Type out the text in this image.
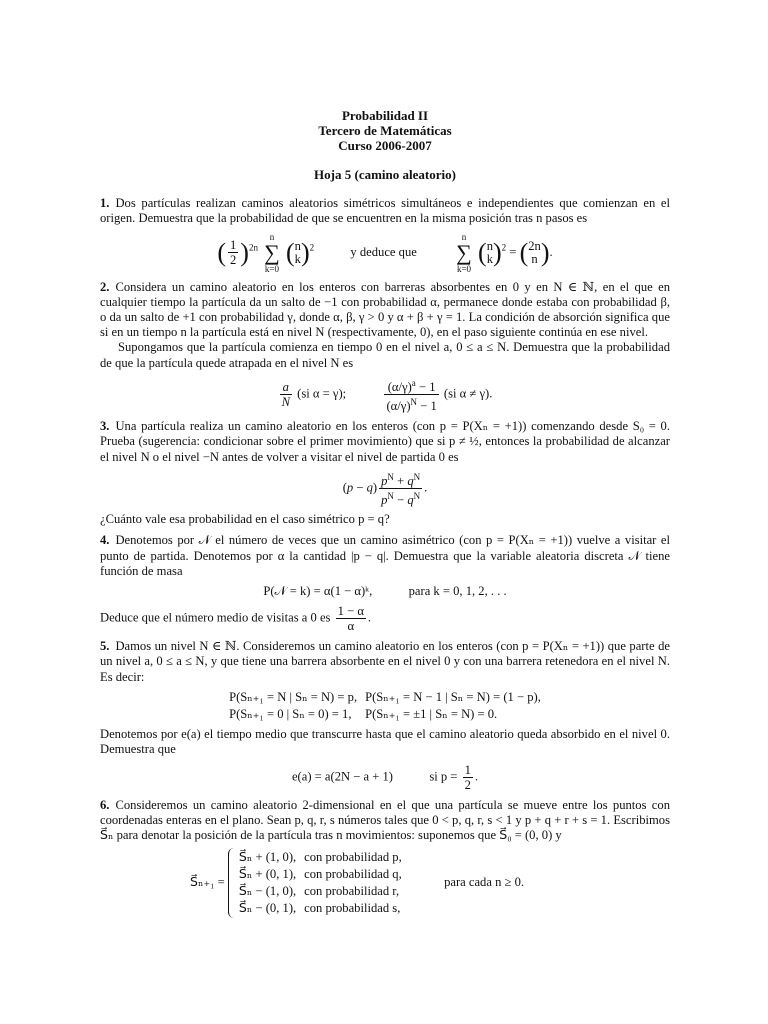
Probabilidad II
Tercero de Matemáticas
Curso 2006-2007
Hoja 5 (camino aleatorio)

1. Dos partículas realizan caminos aleatorios simétricos simultáneos e independientes que comienzan en el origen. Demuestra que la probabilidad de que se encuentren en la misma posición tras n pasos es

( $\frac{1}{2} )^{2n}$ n
∑
k=0 ( n
k )$^2$	y deduce que  n
∑
k=0 ( n
k )$^2$ = ( 2n
n ).

2. Considera un camino aleatorio en los enteros con barreras absorbentes en 0 y en N ∈ ℕ, en el que en cualquier tiempo la partícula da un salto de −1 con probabilidad α, permanece donde estaba con probabilidad β, o da un salto de +1 con probabilidad γ, donde α, β, γ > 0 y α + β + γ = 1. La condición de absorción significa que si en un tiempo n la partícula está en nivel N (respectivamente, 0), en el paso siguiente continúa en ese nivel.

Supongamos que la partícula comienza en tiempo 0 en el nivel a, 0 ≤ a ≤ N. Demuestra que la probabilidad de que la partícula quede atrapada en el nivel N es

$\frac{a}{N} (si$ α = γ);	$\frac{(\alpha/\gamma)^a - 1}{(\alpha/\gamma)^N - 1} (si$ α ≠ γ).

3. Una partícula realiza un camino aleatorio en los enteros (con p = P(Xₙ = +1)) comenzando desde S₀ = 0. Prueba (sugerencia: condicionar sobre el primer movimiento) que si p ≠ ½, entonces la probabilidad de alcanzar el nivel N o el nivel −N antes de volver a visitar el nivel de partida 0 es

$(p - q) \frac{p^N + q^N}{p^N - q^N}$ .

¿Cuánto vale esa probabilidad en el caso simétrico p = q?

4. Denotemos por 𝒩 el número de veces que un camino asimétrico (con p = P(Xₙ = +1)) vuelve a visitar el punto de partida. Denotemos por α la cantidad |p − q|. Demuestra que la variable aleatoria discreta 𝒩 tiene función de masa

P(𝒩 = k) = α(1 − α)ᵏ,	para k = 0, 1, 2, . . .

Deduce que el número medio de visitas a 0 es $\frac{1 - \alpha}{\alpha}$ .

5. Damos un nivel N ∈ ℕ. Consideremos un camino aleatorio en los enteros (con p = P(Xₙ = +1)) que parte de un nivel a, 0 ≤ a ≤ N, y que tiene una barrera absorbente en el nivel 0 y con una barrera retenedora en el nivel N. Es decir:

P(Sₙ₊₁ = N | Sₙ = N) = p,	P(Sₙ₊₁ = N − 1 | Sₙ = N) = (1 − p),
P(Sₙ₊₁ = 0 | Sₙ = 0) = 1,	P(Sₙ₊₁ = ±1 | Sₙ = N) = 0.

Denotemos por e(a) el tiempo medio que transcurre hasta que el camino aleatorio queda absorbido en el nivel 0. Demuestra que

e(a) = a(2N − a + 1)	si $p = \frac{1}{2}$ .

6. Consideremos un camino aleatorio 2-dimensional en el que una partícula se mueve entre los puntos con coordenadas enteras en el plano. Sean p, q, r, s números tales que 0 < p, q, r, s < 1 y p + q + r + s = 1. Escribimos S⃗ₙ para denotar la posición de la partícula tras n movimientos: suponemos que S⃗₀ = (0, 0) y

S⃗ₙ₊₁ =
S⃗ₙ + (1, 0),	con probabilidad p,
S⃗ₙ + (0, 1),	con probabilidad q,
S⃗ₙ − (1, 0),	con probabilidad r,
S⃗ₙ − (0, 1),	con probabilidad s,
para cada n ≥ 0.
